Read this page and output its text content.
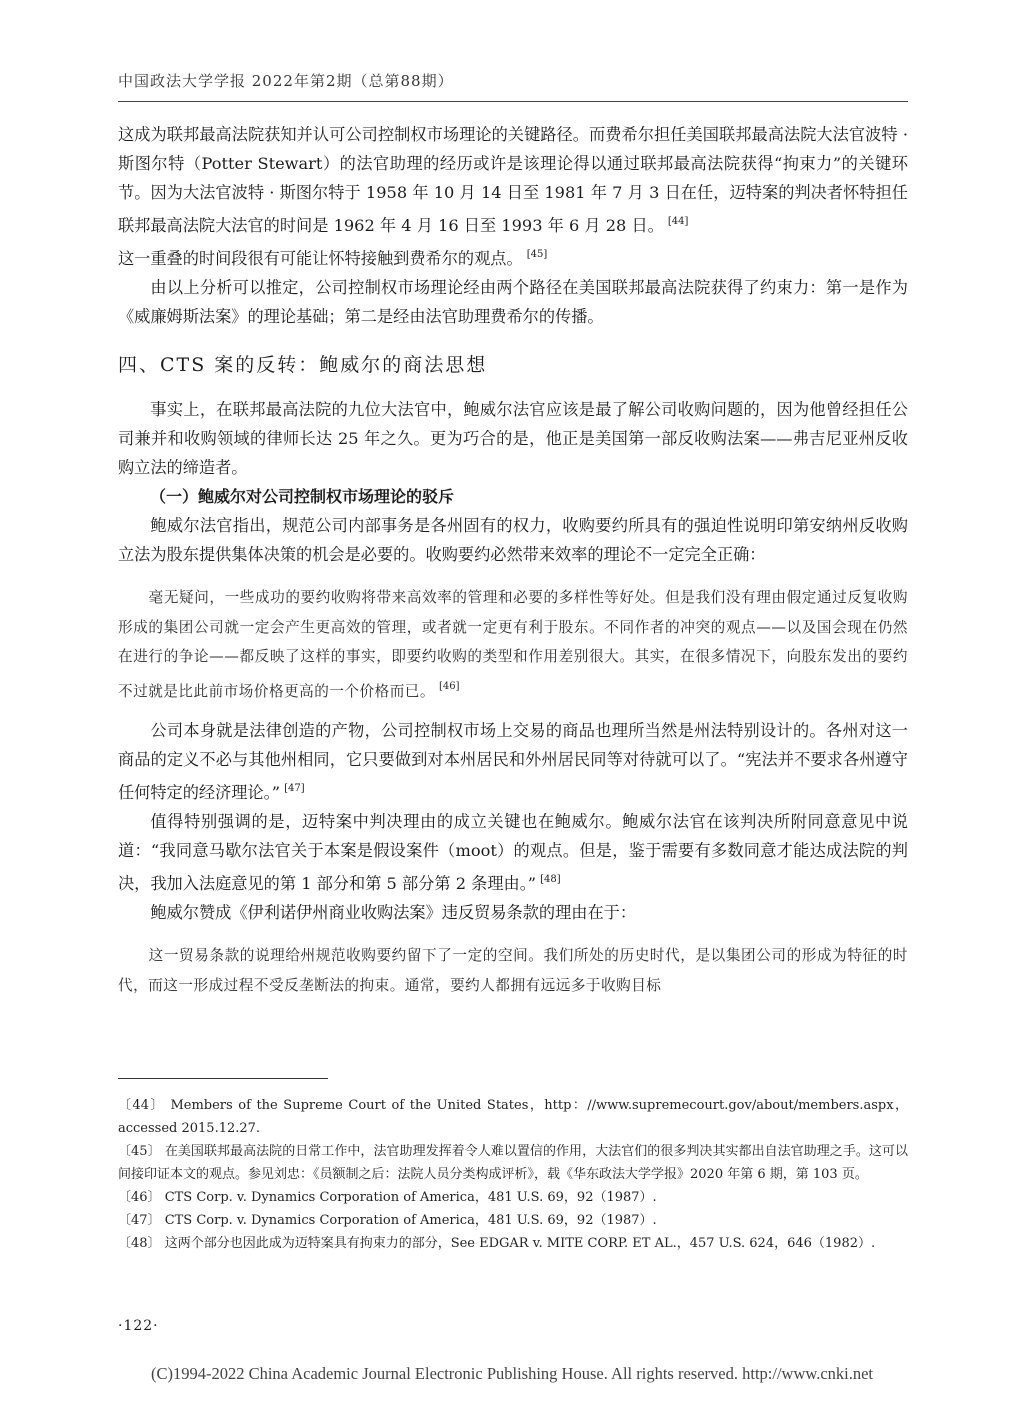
中国政法大学学报 2022年第2期（总第88期）

这成为联邦最高法院获知并认可公司控制权市场理论的关键路径。而费希尔担任美国联邦最高法院大法官波特 · 斯图尔特（Potter Stewart）的法官助理的经历或许是该理论得以通过联邦最高法院获得“拘束力”的关键环节。因为大法官波特 · 斯图尔特于 1958 年 10 月 14 日至 1981 年 7 月 3 日在任，迈特案的判决者怀特担任联邦最高法院大法官的时间是 1962 年 4 月 16 日至 1993 年 6 月 28 日。 [44]

这一重叠的时间段很有可能让怀特接触到费希尔的观点。 [45]

由以上分析可以推定，公司控制权市场理论经由两个路径在美国联邦最高法院获得了约束力：第一是作为《威廉姆斯法案》的理论基础；第二是经由法官助理费希尔的传播。

四、CTS 案的反转：鲍威尔的商法思想

事实上，在联邦最高法院的九位大法官中，鲍威尔法官应该是最了解公司收购问题的，因为他曾经担任公司兼并和收购领域的律师长达 25 年之久。更为巧合的是，他正是美国第一部反收购法案——弗吉尼亚州反收购立法的缔造者。

（一）鲍威尔对公司控制权市场理论的驳斥

鲍威尔法官指出，规范公司内部事务是各州固有的权力，收购要约所具有的强迫性说明印第安纳州反收购立法为股东提供集体决策的机会是必要的。收购要约必然带来效率的理论不一定完全正确：

毫无疑问，一些成功的要约收购将带来高效率的管理和必要的多样性等好处。但是我们没有理由假定通过反复收购形成的集团公司就一定会产生更高效的管理，或者就一定更有利于股东。不同作者的冲突的观点——以及国会现在仍然在进行的争论——都反映了这样的事实，即要约收购的类型和作用差别很大。其实，在很多情况下，向股东发出的要约不过就是比此前市场价格更高的一个价格而已。 [46]

公司本身就是法律创造的产物，公司控制权市场上交易的商品也理所当然是州法特别设计的。各州对这一商品的定义不必与其他州相同，它只要做到对本州居民和外州居民同等对待就可以了。“宪法并不要求各州遵守任何特定的经济理论。” [47]

值得特别强调的是，迈特案中判决理由的成立关键也在鲍威尔。鲍威尔法官在该判决所附同意意见中说道：“我同意马歇尔法官关于本案是假设案件（moot）的观点。但是，鉴于需要有多数同意才能达成法院的判决，我加入法庭意见的第 1 部分和第 5 部分第 2 条理由。” [48]

鲍威尔赞成《伊利诺伊州商业收购法案》违反贸易条款的理由在于：

这一贸易条款的说理给州规范收购要约留下了一定的空间。我们所处的历史时代，是以集团公司的形成为特征的时代，而这一形成过程不受反垄断法的拘束。通常，要约人都拥有远远多于收购目标

〔44〕 Members of the Supreme Court of the United States，http：//www.supremecourt.gov/about/members.aspx，accessed 2015.12.27.

〔45〕 在美国联邦最高法院的日常工作中，法官助理发挥着令人难以置信的作用，大法官们的很多判决其实都出自法官助理之手。这可以间接印证本文的观点。参见刘忠：《员额制之后：法院人员分类构成评析》，载《华东政法大学学报》2020 年第 6 期，第 103 页。

〔46〕 CTS Corp. v. Dynamics Corporation of America，481 U.S. 69，92（1987）.

〔47〕 CTS Corp. v. Dynamics Corporation of America，481 U.S. 69，92（1987）.

〔48〕 这两个部分也因此成为迈特案具有拘束力的部分，See EDGAR v. MITE CORP. ET AL.，457 U.S. 624，646（1982）.

·122·
(C)1994-2022 China Academic Journal Electronic Publishing House. All rights reserved. http://www.cnki.net
